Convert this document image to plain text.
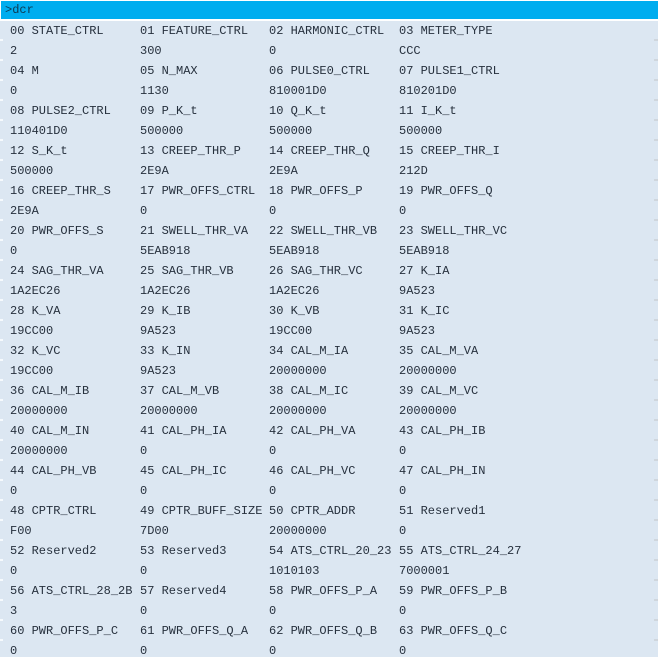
>dcr

00 STATE_CTRL	01 FEATURE_CTRL 02 HARMONIC_CTRL 03 METER_TYPE
2	300	0	CCC
04 M	05 N_MAX	06 PULSE0_CTRL 07 PULSE1_CTRL
0	1130	810001D0	810201D0
08 PULSE2_CTRL 09 P_K_t	10 Q_K_t	11 I_K_t
110401D0	500000	500000	500000
12 S_K_t	13 CREEP_THR_P 14 CREEP_THR_Q 15 CREEP_THR_I
500000	2E9A	2E9A	212D
16 CREEP_THR_S 17 PWR_OFFS_CTRL 18 PWR_OFFS_P	19 PWR_OFFS_Q
2E9A	0	0	0
20 PWR_OFFS_S	21 SWELL_THR_VA 22 SWELL_THR_VB 23 SWELL_THR_VC
0	5EAB918	5EAB918	5EAB918
24 SAG_THR_VA	25 SAG_THR_VB	26 SAG_THR_VC	27 K_IA
1A2EC26	1A2EC26	1A2EC26	9A523
28 K_VA	29 K_IB	30 K_VB	31 K_IC
19CC00	9A523	19CC00	9A523
32 K_VC	33 K_IN	34 CAL_M_IA	35 CAL_M_VA
19CC00	9A523	20000000	20000000
36 CAL_M_IB	37 CAL_M_VB	38 CAL_M_IC	39 CAL_M_VC
20000000	20000000	20000000	20000000
40 CAL_M_IN	41 CAL_PH_IA	42 CAL_PH_VA	43 CAL_PH_IB
20000000	0	0	0
44 CAL_PH_VB	45 CAL_PH_IC	46 CAL_PH_VC	47 CAL_PH_IN
0	0	0	0
48 CPTR_CTRL	49 CPTR_BUFF_SIZE 50 CPTR_ADDR	51 Reserved1
F00	7D00	20000000	0
52 Reserved2	53 Reserved3	54 ATS_CTRL_20_23 55 ATS_CTRL_24_27
0	0	1010103	7000001
56 ATS_CTRL_28_2B 57 Reserved4	58 PWR_OFFS_P_A 59 PWR_OFFS_P_B
3	0	0	0
60 PWR_OFFS_P_C 61 PWR_OFFS_Q_A 62 PWR_OFFS_Q_B 63 PWR_OFFS_Q_C
0	0	0	0
